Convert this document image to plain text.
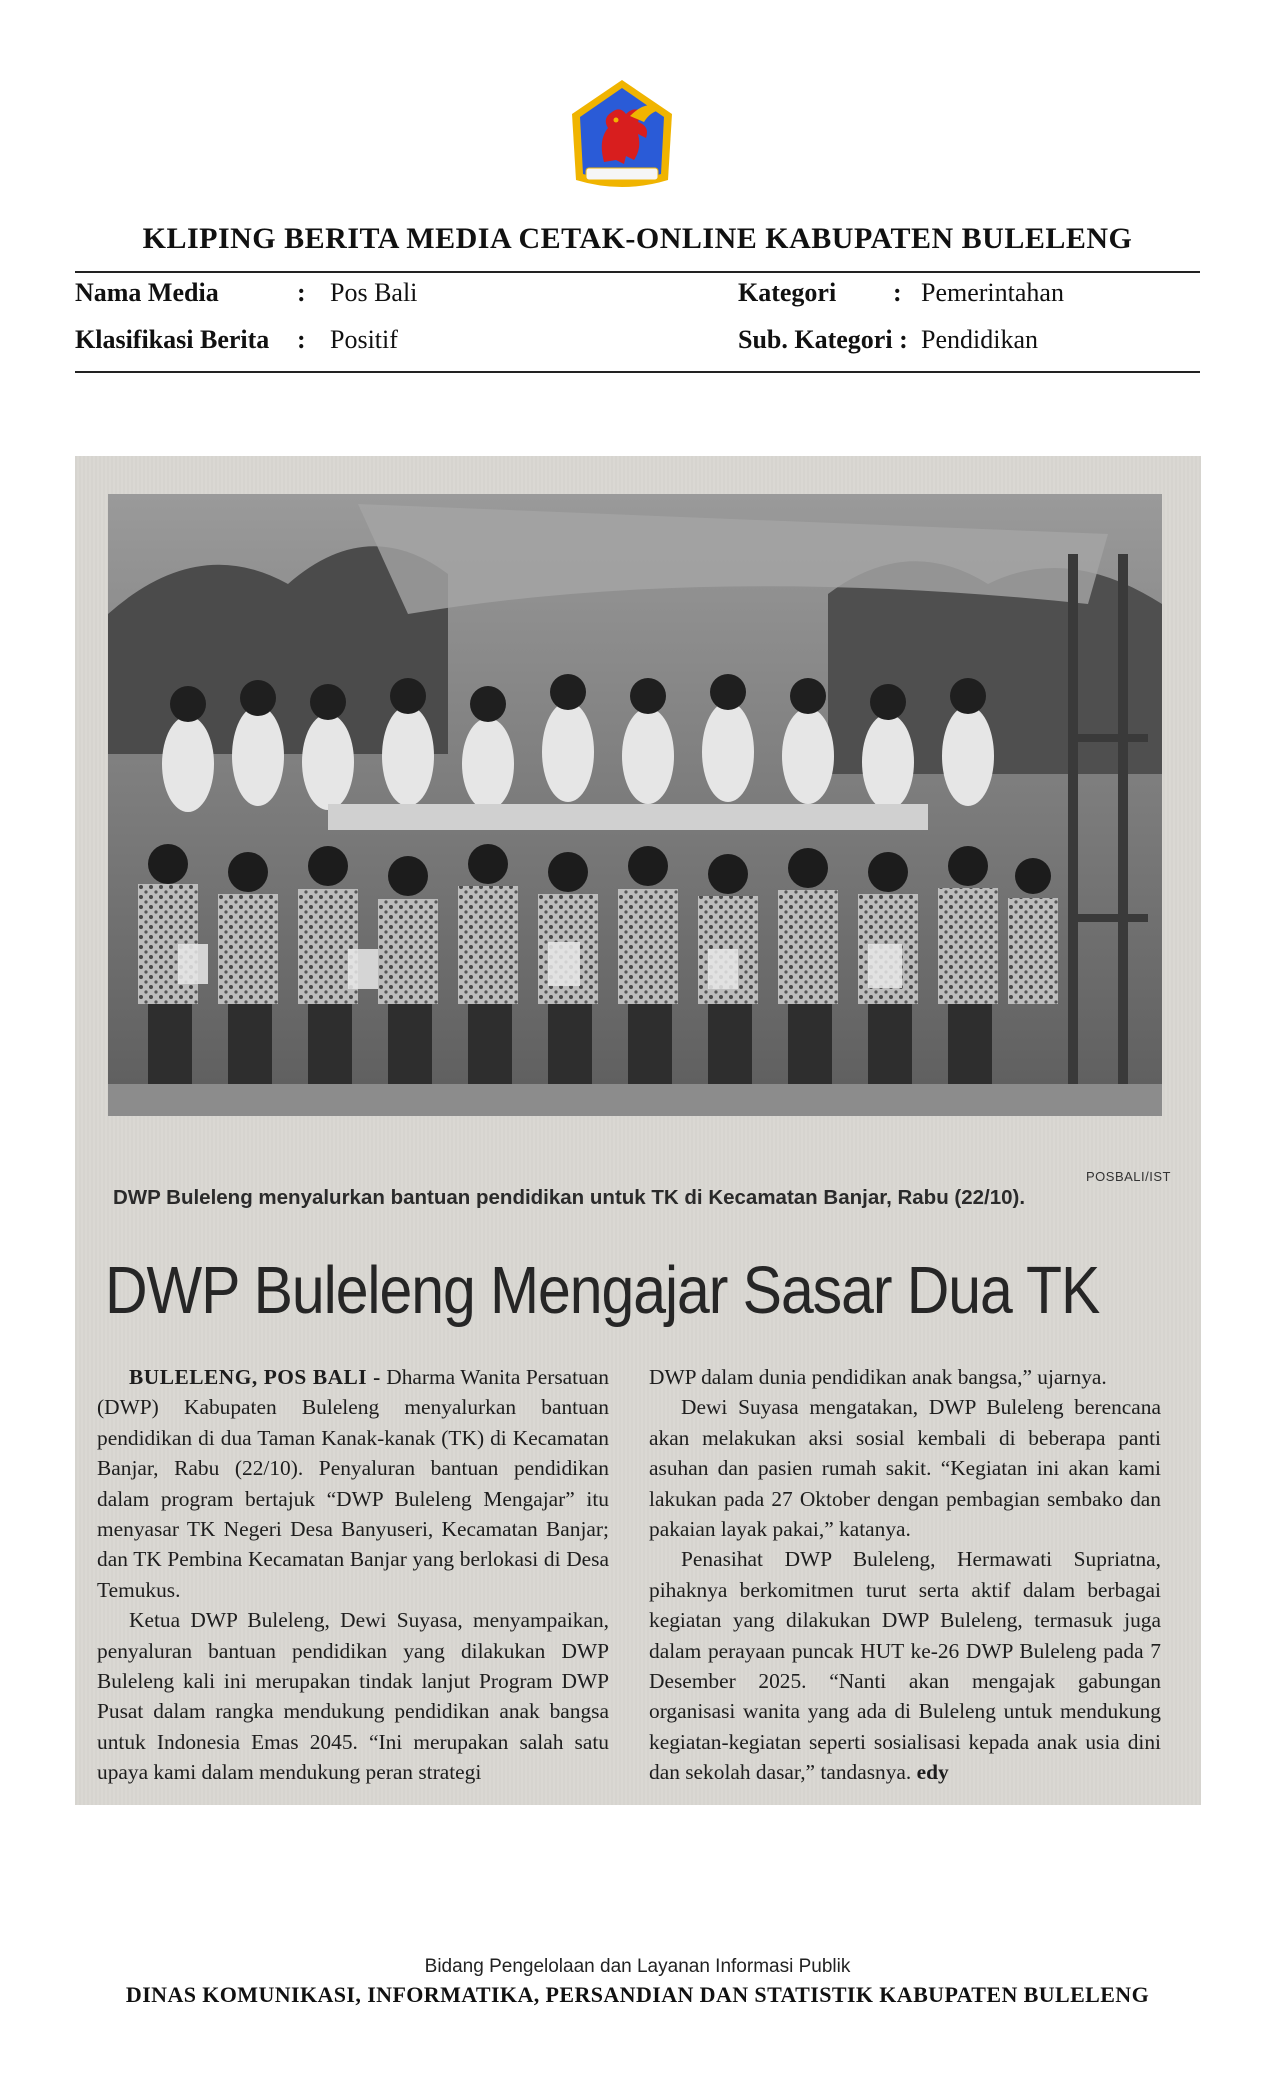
KLIPING BERITA MEDIA CETAK-ONLINE KABUPATEN BULELENG
Nama Media	: Pos Bali	Kategori : Pemerintahan
Klasifikasi Berita : Positif	Sub. Kategori : Pendidikan
POSBALI/IST
DWP Buleleng menyalurkan bantuan pendidikan untuk TK di Kecamatan Banjar, Rabu (22/10).
DWP Buleleng Mengajar Sasar Dua TK

BULELENG, POS BALI - Dharma Wanita Persatuan (DWP) Kabupaten Buleleng menyalurkan bantuan pendidikan di dua Taman Kanak-kanak (TK) di Kecamatan Banjar, Rabu (22/10). Penyaluran bantuan pendidikan dalam program bertajuk “DWP Buleleng Mengajar” itu menyasar TK Negeri Desa Banyuseri, Kecamatan Banjar; dan TK Pembina Kecamatan Banjar yang berlokasi di Desa Temukus.

Ketua DWP Buleleng, Dewi Suyasa, menyampaikan, penyaluran bantuan pendidikan yang dilakukan DWP Buleleng kali ini merupakan tindak lanjut Program DWP Pusat dalam rangka mendukung pendidikan anak bangsa untuk Indonesia Emas 2045. “Ini merupakan salah satu upaya kami dalam mendukung peran strategi

DWP dalam dunia pendidikan anak bangsa,” ujarnya.

Dewi Suyasa mengatakan, DWP Buleleng berencana akan melakukan aksi sosial kembali di beberapa panti asuhan dan pasien rumah sakit. “Kegiatan ini akan kami lakukan pada 27 Oktober dengan pembagian sembako dan pakaian layak pakai,” katanya.

Penasihat DWP Buleleng, Hermawati Supriatna, pihaknya berkomitmen turut serta aktif dalam berbagai kegiatan yang dilakukan DWP Buleleng, termasuk juga dalam perayaan puncak HUT ke-26 DWP Buleleng pada 7 Desember 2025. “Nanti akan mengajak gabungan organisasi wanita yang ada di Buleleng untuk mendukung kegiatan-kegiatan seperti sosialisasi kepada anak usia dini dan sekolah dasar,” tandasnya. edy

Bidang Pengelolaan dan Layanan Informasi Publik
DINAS KOMUNIKASI, INFORMATIKA, PERSANDIAN DAN STATISTIK KABUPATEN BULELENG
